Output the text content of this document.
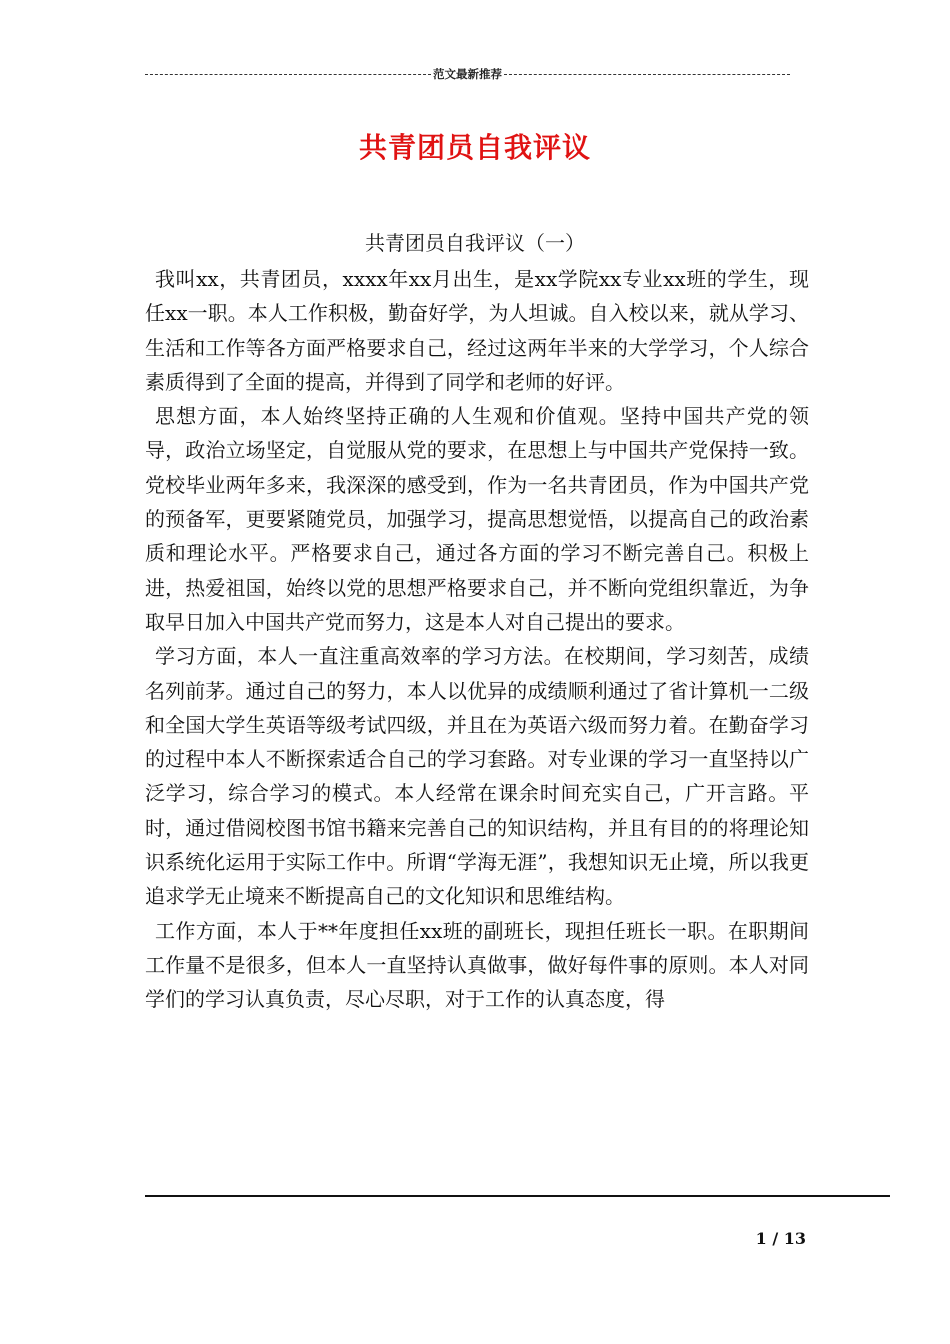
范文最新推荐
共青团员自我评议
共青团员自我评议（一）

我叫xx，共青团员，xxxx年xx月出生，是xx学院xx专业xx班的学生，现任xx一职。本人工作积极，勤奋好学，为人坦诚。自入校以来，就从学习、生活和工作等各方面严格要求自己，经过这两年半来的大学学习，个人综合素质得到了全面的提高，并得到了同学和老师的好评。

思想方面，本人始终坚持正确的人生观和价值观。坚持中国共产党的领导，政治立场坚定，自觉服从党的要求，在思想上与中国共产党保持一致。党校毕业两年多来，我深深的感受到，作为一名共青团员，作为中国共产党的预备军，更要紧随党员，加强学习，提高思想觉悟，以提高自己的政治素质和理论水平。严格要求自己，通过各方面的学习不断完善自己。积极上进，热爱祖国，始终以党的思想严格要求自己，并不断向党组织靠近，为争取早日加入中国共产党而努力，这是本人对自己提出的要求。

学习方面，本人一直注重高效率的学习方法。在校期间，学习刻苦，成绩名列前茅。通过自己的努力，本人以优异的成绩顺利通过了省计算机一二级和全国大学生英语等级考试四级，并且在为英语六级而努力着。在勤奋学习的过程中本人不断探索适合自己的学习套路。对专业课的学习一直坚持以广泛学习，综合学习的模式。本人经常在课余时间充实自己，广开言路。平时，通过借阅校图书馆书籍来完善自己的知识结构，并且有目的的将理论知识系统化运用于实际工作中。所谓“学海无涯”，我想知识无止境，所以我更追求学无止境来不断提高自己的文化知识和思维结构。

工作方面，本人于**年度担任xx班的副班长，现担任班长一职。在职期间工作量不是很多，但本人一直坚持认真做事，做好每件事的原则。本人对同学们的学习认真负责，尽心尽职，对于工作的认真态度，得

1 / 13
